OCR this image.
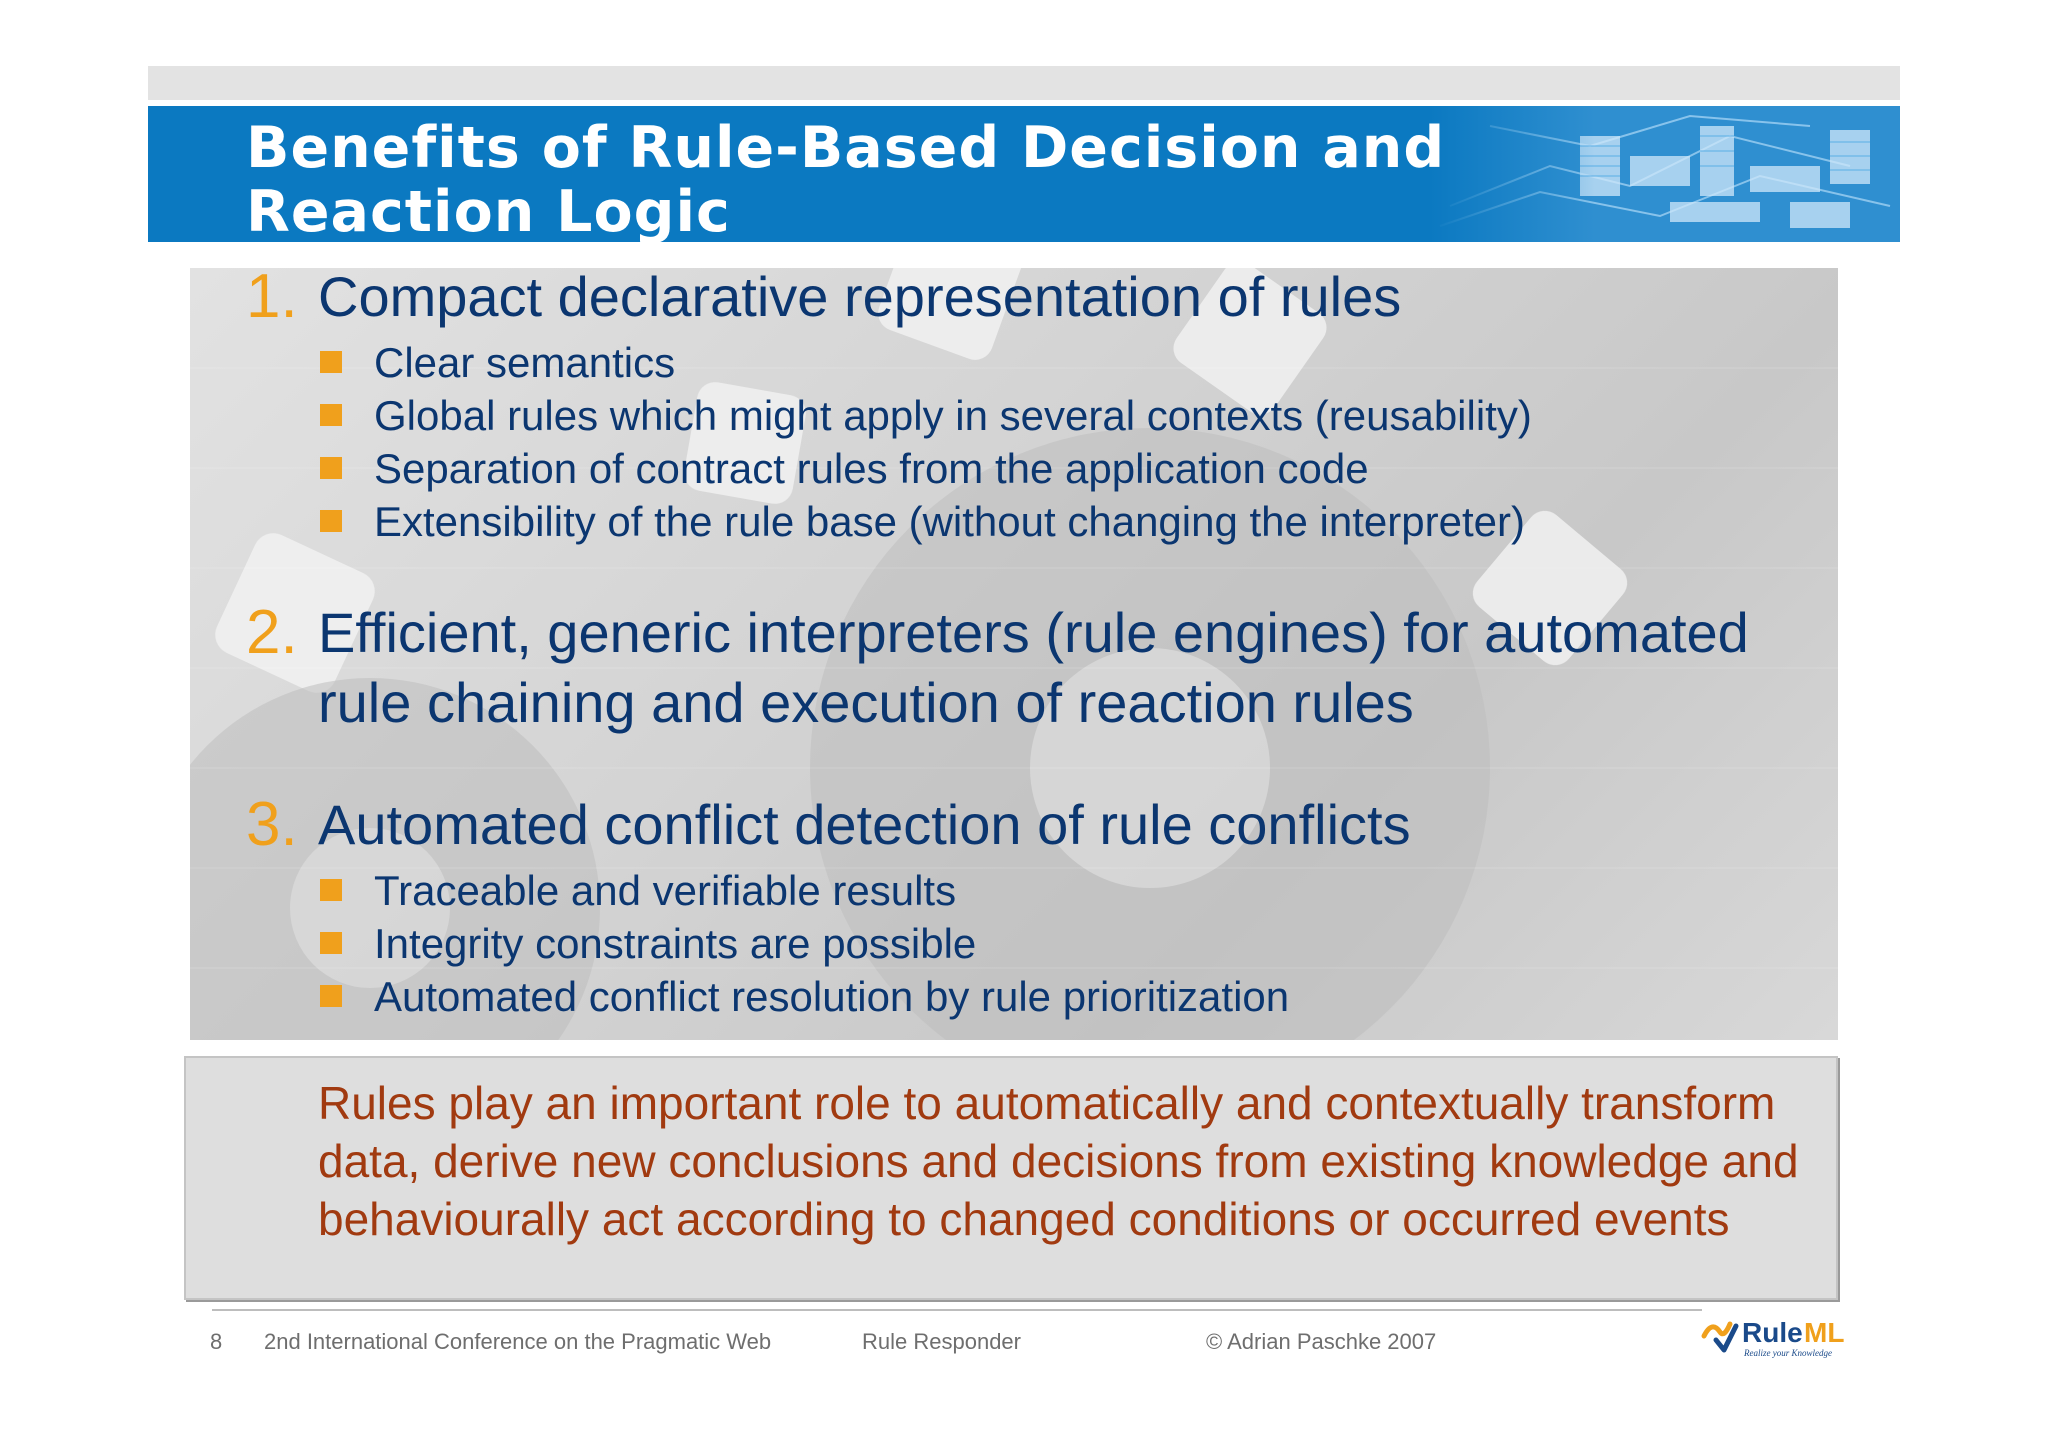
Benefits of Rule-Based Decision and Reaction Logic
1. Compact declarative representation of rules
Clear semantics
Global rules which might apply in several contexts (reusability)
Separation of contract rules from the application code
Extensibility of the rule base (without changing the interpreter)
2. Efficient, generic interpreters (rule engines) for automated rule chaining and execution of reaction rules
3. Automated conflict detection of rule conflicts
Traceable and verifiable results
Integrity constraints are possible
Automated conflict resolution by rule prioritization

Rules play an important role to automatically and contextually transform data, derive new conclusions and decisions from existing knowledge and behaviourally act according to changed conditions or occurred events

8 2nd International Conference on the Pragmatic Web	Rule Responder	© Adrian Paschke 2007	Rule ML
Realize your Knowledge
